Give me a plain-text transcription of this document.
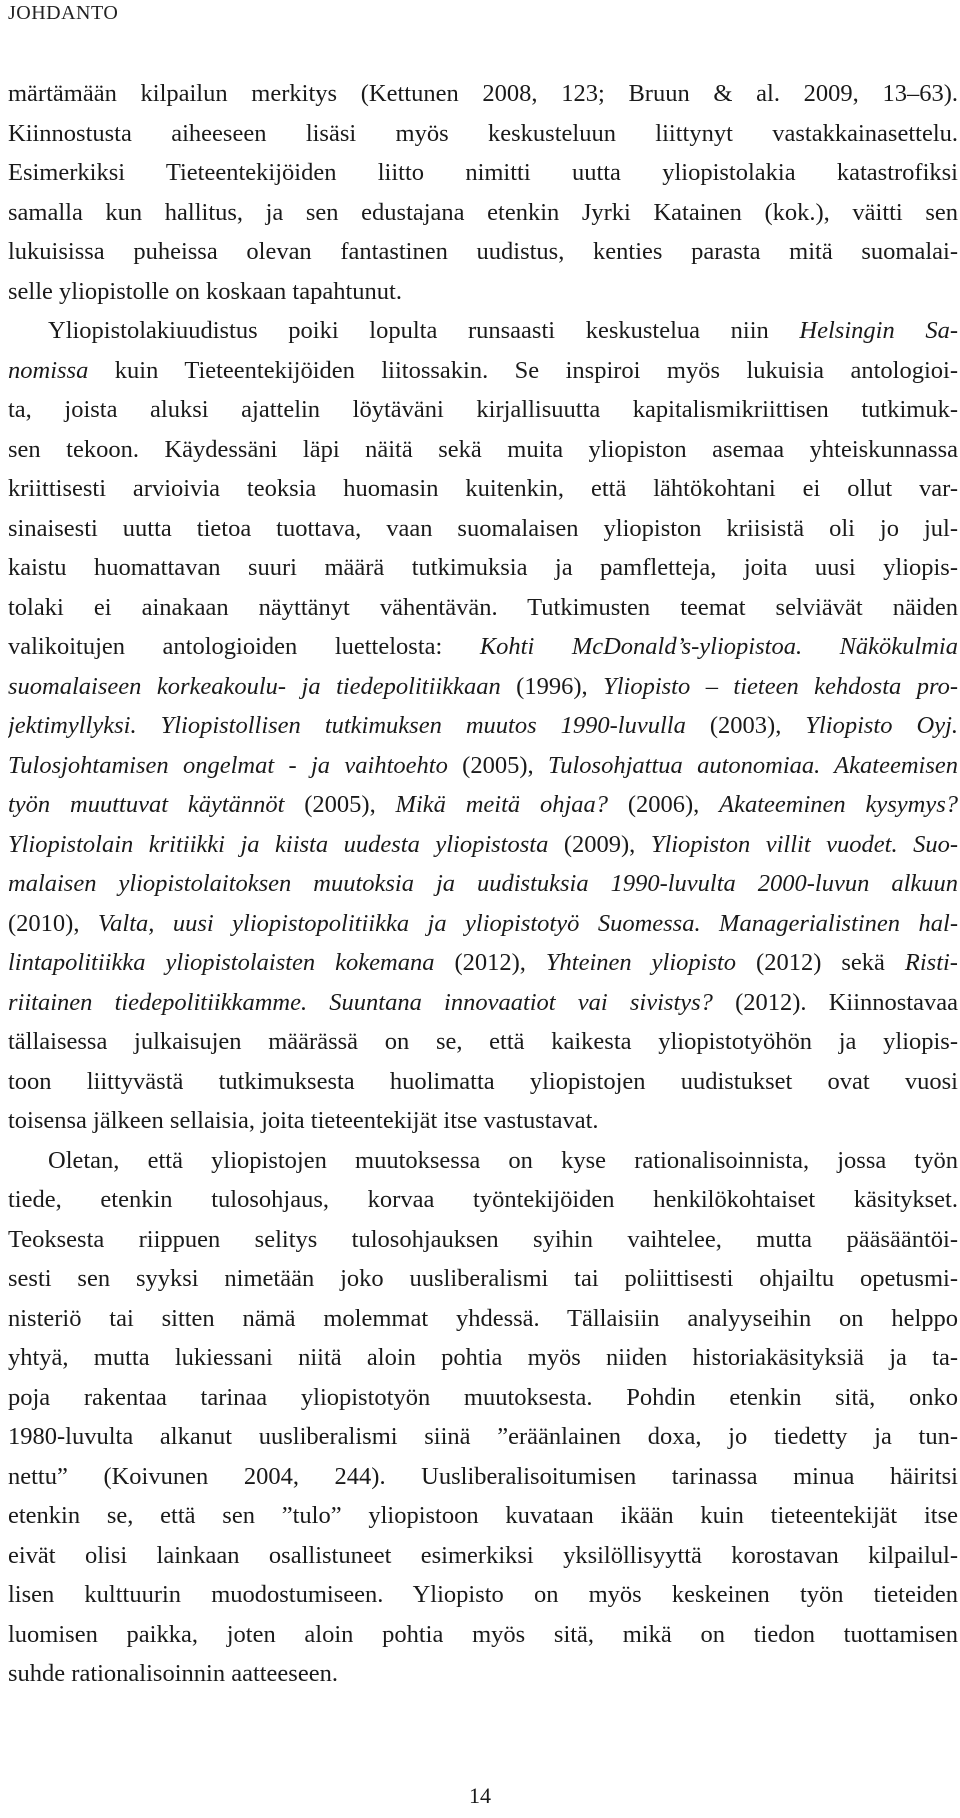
JOHDANTO
märtämään kilpailun merkitys (Kettunen 2008, 123; Bruun & al. 2009, 13–63).
Kiinnostusta aiheeseen lisäsi myös keskusteluun liittynyt vastakkainasettelu.
Esimerkiksi Tieteentekijöiden liitto nimitti uutta yliopistolakia katastrofiksi
samalla kun hallitus, ja sen edustajana etenkin Jyrki Katainen (kok.), väitti sen
lukuisissa puheissa olevan fantastinen uudistus, kenties parasta mitä suomalai-
selle yliopistolle on koskaan tapahtunut.
Yliopistolakiuudistus poiki lopulta runsaasti keskustelua niin Helsingin Sa-
nomissa kuin Tieteentekijöiden liitossakin. Se inspiroi myös lukuisia antologioi-
ta, joista aluksi ajattelin löytäväni kirjallisuutta kapitalismikriittisen tutkimuk-
sen tekoon. Käydessäni läpi näitä sekä muita yliopiston asemaa yhteiskunnassa
kriittisesti arvioivia teoksia huomasin kuitenkin, että lähtökohtani ei ollut var-
sinaisesti uutta tietoa tuottava, vaan suomalaisen yliopiston kriisistä oli jo jul-
kaistu huomattavan suuri määrä tutkimuksia ja pamfletteja, joita uusi yliopis-
tolaki ei ainakaan näyttänyt vähentävän. Tutkimusten teemat selviävät näiden
valikoitujen antologioiden luettelosta: Kohti McDonald’s-yliopistoa. Näkökulmia
suomalaiseen korkeakoulu- ja tiedepolitiikkaan (1996), Yliopisto – tieteen kehdosta pro-
jektimyllyksi. Yliopistollisen tutkimuksen muutos 1990-luvulla (2003), Yliopisto Oyj.
Tulosjohtamisen ongelmat - ja vaihtoehto (2005), Tulosohjattua autonomiaa. Akateemisen
työn muuttuvat käytännöt (2005), Mikä meitä ohjaa? (2006), Akateeminen kysymys?
Yliopistolain kritiikki ja kiista uudesta yliopistosta (2009), Yliopiston villit vuodet. Suo-
malaisen yliopistolaitoksen muutoksia ja uudistuksia 1990-luvulta 2000-luvun alkuun
(2010), Valta, uusi yliopistopolitiikka ja yliopistotyö Suomessa. Managerialistinen hal-
lintapolitiikka yliopistolaisten kokemana (2012), Yhteinen yliopisto (2012) sekä Risti-
riitainen tiedepolitiikkamme. Suuntana innovaatiot vai sivistys? (2012). Kiinnostavaa
tällaisessa julkaisujen määrässä on se, että kaikesta yliopistotyöhön ja yliopis-
toon liittyvästä tutkimuksesta huolimatta yliopistojen uudistukset ovat vuosi
toisensa jälkeen sellaisia, joita tieteentekijät itse vastustavat.
Oletan, että yliopistojen muutoksessa on kyse rationalisoinnista, jossa työn
tiede, etenkin tulosohjaus, korvaa työntekijöiden henkilökohtaiset käsitykset.
Teoksesta riippuen selitys tulosohjauksen syihin vaihtelee, mutta pääsääntöi-
sesti sen syyksi nimetään joko uusliberalismi tai poliittisesti ohjailtu opetusmi-
nisteriö tai sitten nämä molemmat yhdessä. Tällaisiin analyyseihin on helppo
yhtyä, mutta lukiessani niitä aloin pohtia myös niiden historiakäsityksiä ja ta-
poja rakentaa tarinaa yliopistotyön muutoksesta. Pohdin etenkin sitä, onko
1980-luvulta alkanut uusliberalismi siinä ”eräänlainen doxa, jo tiedetty ja tun-
nettu” (Koivunen 2004, 244). Uusliberalisoitumisen tarinassa minua häiritsi
etenkin se, että sen ”tulo” yliopistoon kuvataan ikään kuin tieteentekijät itse
eivät olisi lainkaan osallistuneet esimerkiksi yksilöllisyyttä korostavan kilpailul-
lisen kulttuurin muodostumiseen. Yliopisto on myös keskeinen työn tieteiden
luomisen paikka, joten aloin pohtia myös sitä, mikä on tiedon tuottamisen
suhde rationalisoinnin aatteeseen.
14
